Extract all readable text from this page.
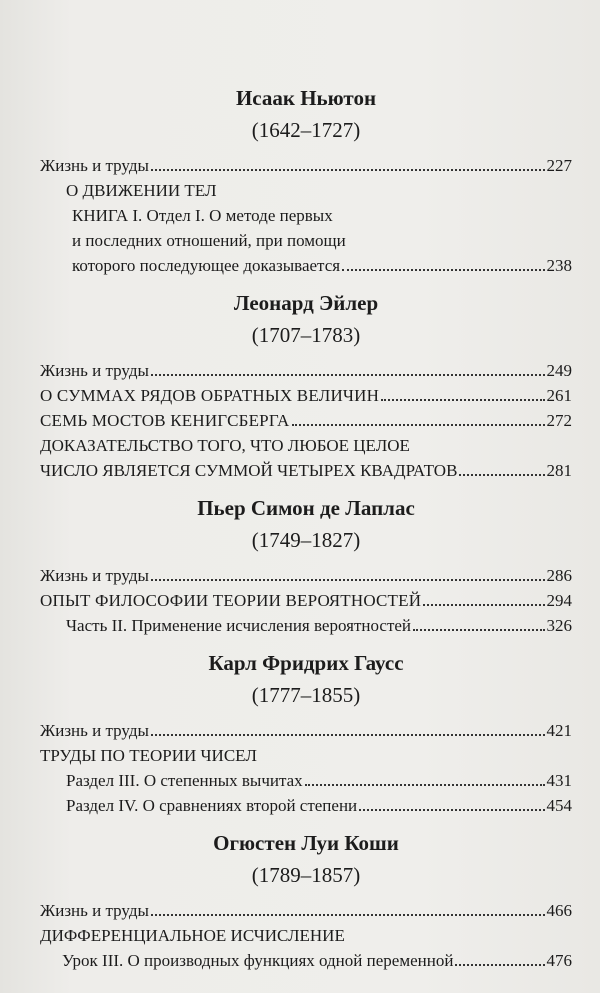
Исаак Ньютон

(1642–1727)

Жизнь и труды	227
О ДВИЖЕНИИ ТЕЛ
КНИГА I. Отдел I. О методе первых
и последних отношений, при помощи
которого последующее доказывается	238

Леонард Эйлер

(1707–1783)

Жизнь и труды	249
О СУММАХ РЯДОВ ОБРАТНЫХ ВЕЛИЧИН	261
СЕМЬ МОСТОВ КЕНИГСБЕРГА	272
ДОКАЗАТЕЛЬСТВО ТОГО, ЧТО ЛЮБОЕ ЦЕЛОЕ
ЧИСЛО ЯВЛЯЕТСЯ СУММОЙ ЧЕТЫРЕХ КВАДРАТОВ	281

Пьер Симон де Лаплас

(1749–1827)

Жизнь и труды	286
ОПЫТ ФИЛОСОФИИ ТЕОРИИ ВЕРОЯТНОСТЕЙ	294
Часть II. Применение исчисления вероятностей	326

Карл Фридрих Гаусс

(1777–1855)

Жизнь и труды	421
ТРУДЫ ПО ТЕОРИИ ЧИСЕЛ
Раздел III. О степенных вычитах	431
Раздел IV. О сравнениях второй степени	454

Огюстен Луи Коши

(1789–1857)

Жизнь и труды	466
ДИФФЕРЕНЦИАЛЬНОЕ ИСЧИСЛЕНИЕ
Урок III. О производных функциях одной переменной	476
